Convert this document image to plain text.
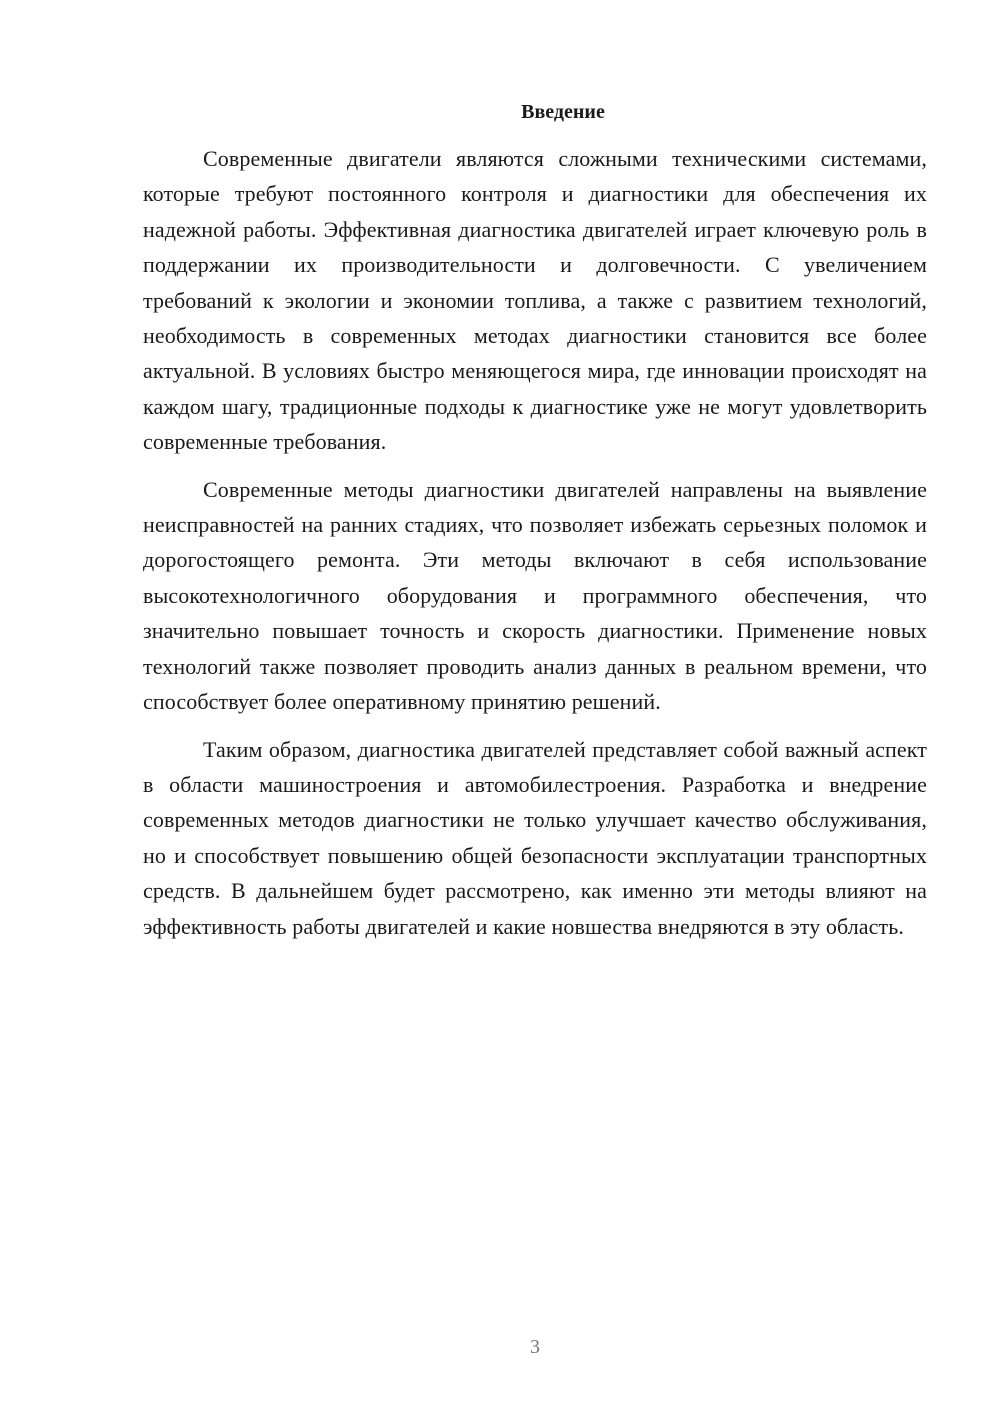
Введение

Современные двигатели являются сложными техническими системами, которые требуют постоянного контроля и диагностики для обеспечения их надежной работы. Эффективная диагностика двигателей играет ключевую роль в поддержании их производительности и долговечности. С увеличением требований к экологии и экономии топлива, а также с развитием технологий, необходимость в современных методах диагностики становится все более актуальной. В условиях быстро меняющегося мира, где инновации происходят на каждом шагу, традиционные подходы к диагностике уже не могут удовлетворить современные требования.

Современные методы диагностики двигателей направлены на выявление неисправностей на ранних стадиях, что позволяет избежать серьезных поломок и дорогостоящего ремонта. Эти методы включают в себя использование высокотехнологичного оборудования и программного обеспечения, что значительно повышает точность и скорость диагностики. Применение новых технологий также позволяет проводить анализ данных в реальном времени, что способствует более оперативному принятию решений.

Таким образом, диагностика двигателей представляет собой важный аспект в области машиностроения и автомобилестроения. Разработка и внедрение современных методов диагностики не только улучшает качество обслуживания, но и способствует повышению общей безопасности эксплуатации транспортных средств. В дальнейшем будет рассмотрено, как именно эти методы влияют на эффективность работы двигателей и какие новшества внедряются в эту область.

3
